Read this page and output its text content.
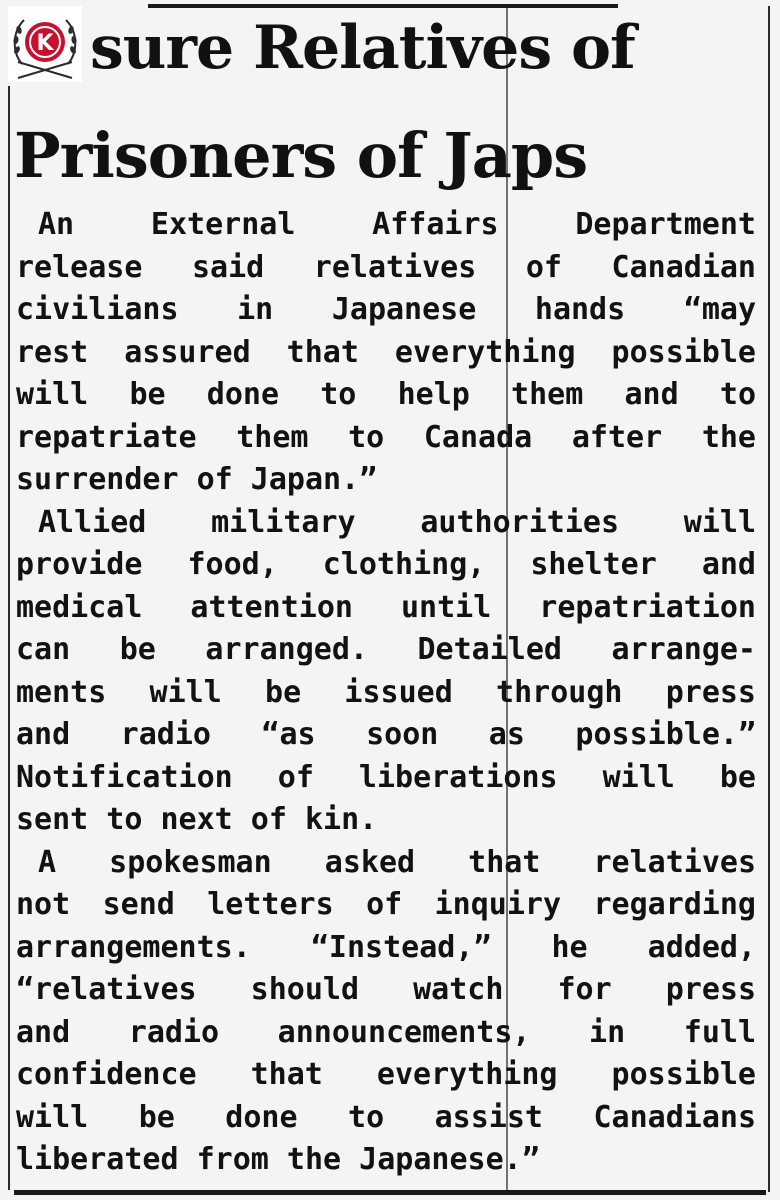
K sure Relatives of
Prisoners of Japs

An External Affairs Department
release said relatives of Canadian
civilians in Japanese hands “may
rest assured that everything possible
will be done to help them and to
repatriate them to Canada after the
surrender of Japan.”

Allied military authorities will
provide food, clothing, shelter and
medical attention until repatriation
can be arranged. Detailed arrange-
ments will be issued through press
and radio “as soon as possible.”
Notification of liberations will be
sent to next of kin.

A spokesman asked that relatives
not send letters of inquiry regarding
arrangements. “Instead,” he added,
“relatives should watch for press
and radio announcements, in full
confidence that everything possible
will be done to assist Canadians
liberated from the Japanese.”
